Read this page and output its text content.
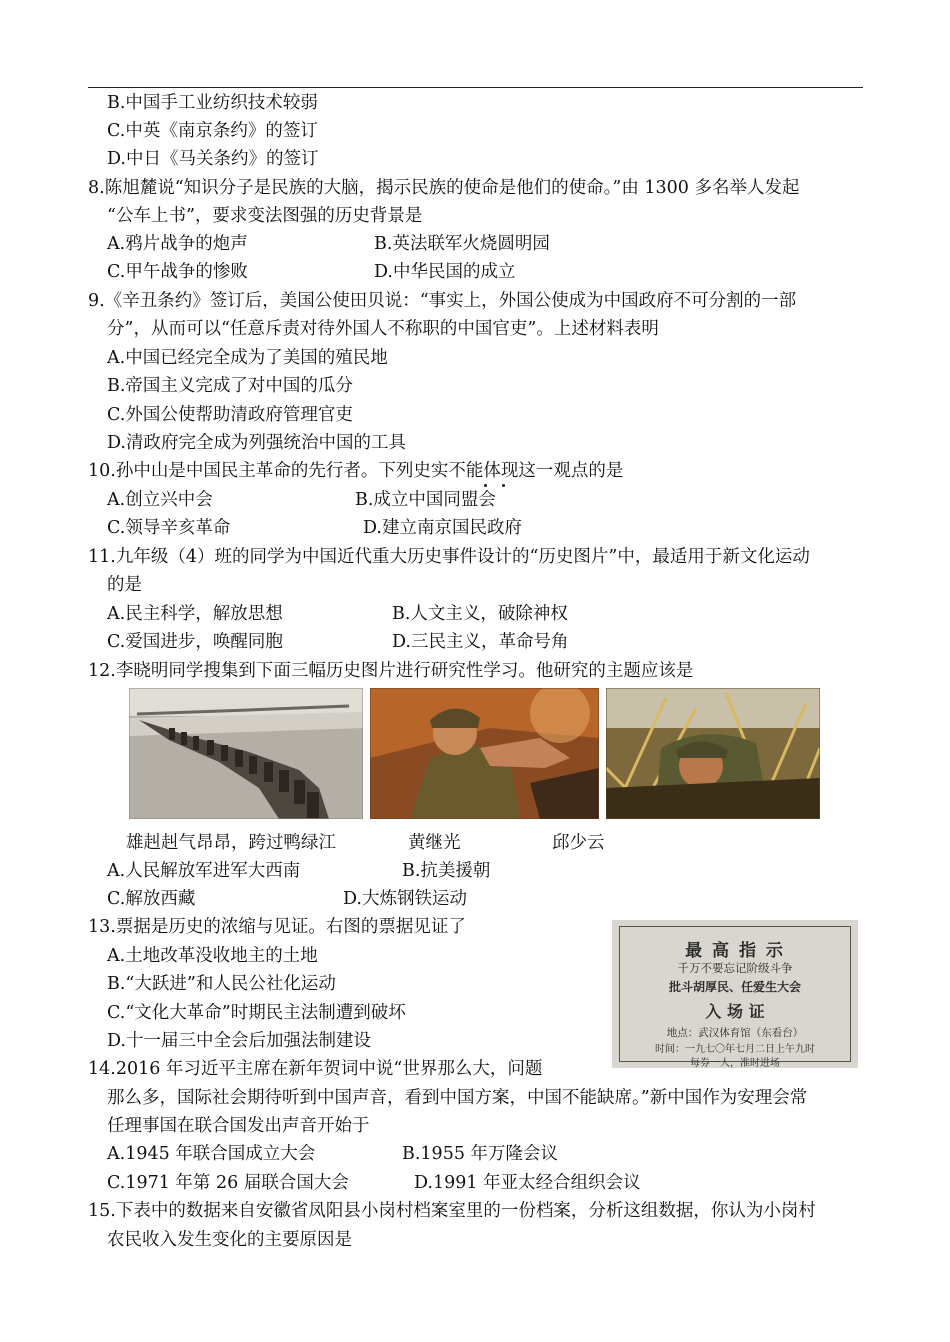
B.中国手工业纺织技术较弱
C.中英《南京条约》的签订
D.中日《马关条约》的签订
8.陈旭麓说“知识分子是民族的大脑，揭示民族的使命是他们的使命。”由 1300 多名举人发起
“公车上书”，要求变法图强的历史背景是
A.鸦片战争的炮声	B.英法联军火烧圆明园
C.甲午战争的惨败	D.中华民国的成立
9.《辛丑条约》签订后，美国公使田贝说：“事实上，外国公使成为中国政府不可分割的一部
分”，从而可以“任意斥责对待外国人不称职的中国官吏”。上述材料表明
A.中国已经完全成为了美国的殖民地
B.帝国主义完成了对中国的瓜分
C.外国公使帮助清政府管理官吏
D.清政府完全成为列强统治中国的工具
10.孙中山是中国民主革命的先行者。下列史实不能体现这一观点的是
A.创立兴中会	B.成立中国同盟会
C.领导辛亥革命	D.建立南京国民政府
11.九年级（4）班的同学为中国近代重大历史事件设计的“历史图片”中，最适用于新文化运动
的是
A.民主科学，解放思想	B.人文主义，破除神权
C.爱国进步，唤醒同胞	D.三民主义，革命号角
12.李晓明同学搜集到下面三幅历史图片进行研究性学习。他研究的主题应该是
雄赳赳气昂昂，跨过鸭绿江	黄继光	邱少云
A.人民解放军进军大西南	B.抗美援朝
C.解放西藏	D.大炼钢铁运动
13.票据是历史的浓缩与见证。右图的票据见证了
A.土地改革没收地主的土地
B.“大跃进”和人民公社化运动
C.“文化大革命”时期民主法制遭到破坏
D.十一届三中全会后加强法制建设
最 高 指 示
千万不要忘记阶级斗争
批斗胡厚民、任爱生大会
入 场 证
地点：武汉体育馆（东看台）
时间：一九七〇年七月二日上午九时
每券一人，准时进场
14.2016 年习近平主席在新年贺词中说“世界那么大，问题
那么多，国际社会期待听到中国声音，看到中国方案，中国不能缺席。”新中国作为安理会常
任理事国在联合国发出声音开始于
A.1945 年联合国成立大会	B.1955 年万隆会议
C.1971 年第 26 届联合国大会	D.1991 年亚太经合组织会议
15.下表中的数据来自安徽省凤阳县小岗村档案室里的一份档案，分析这组数据，你认为小岗村
农民收入发生变化的主要原因是
